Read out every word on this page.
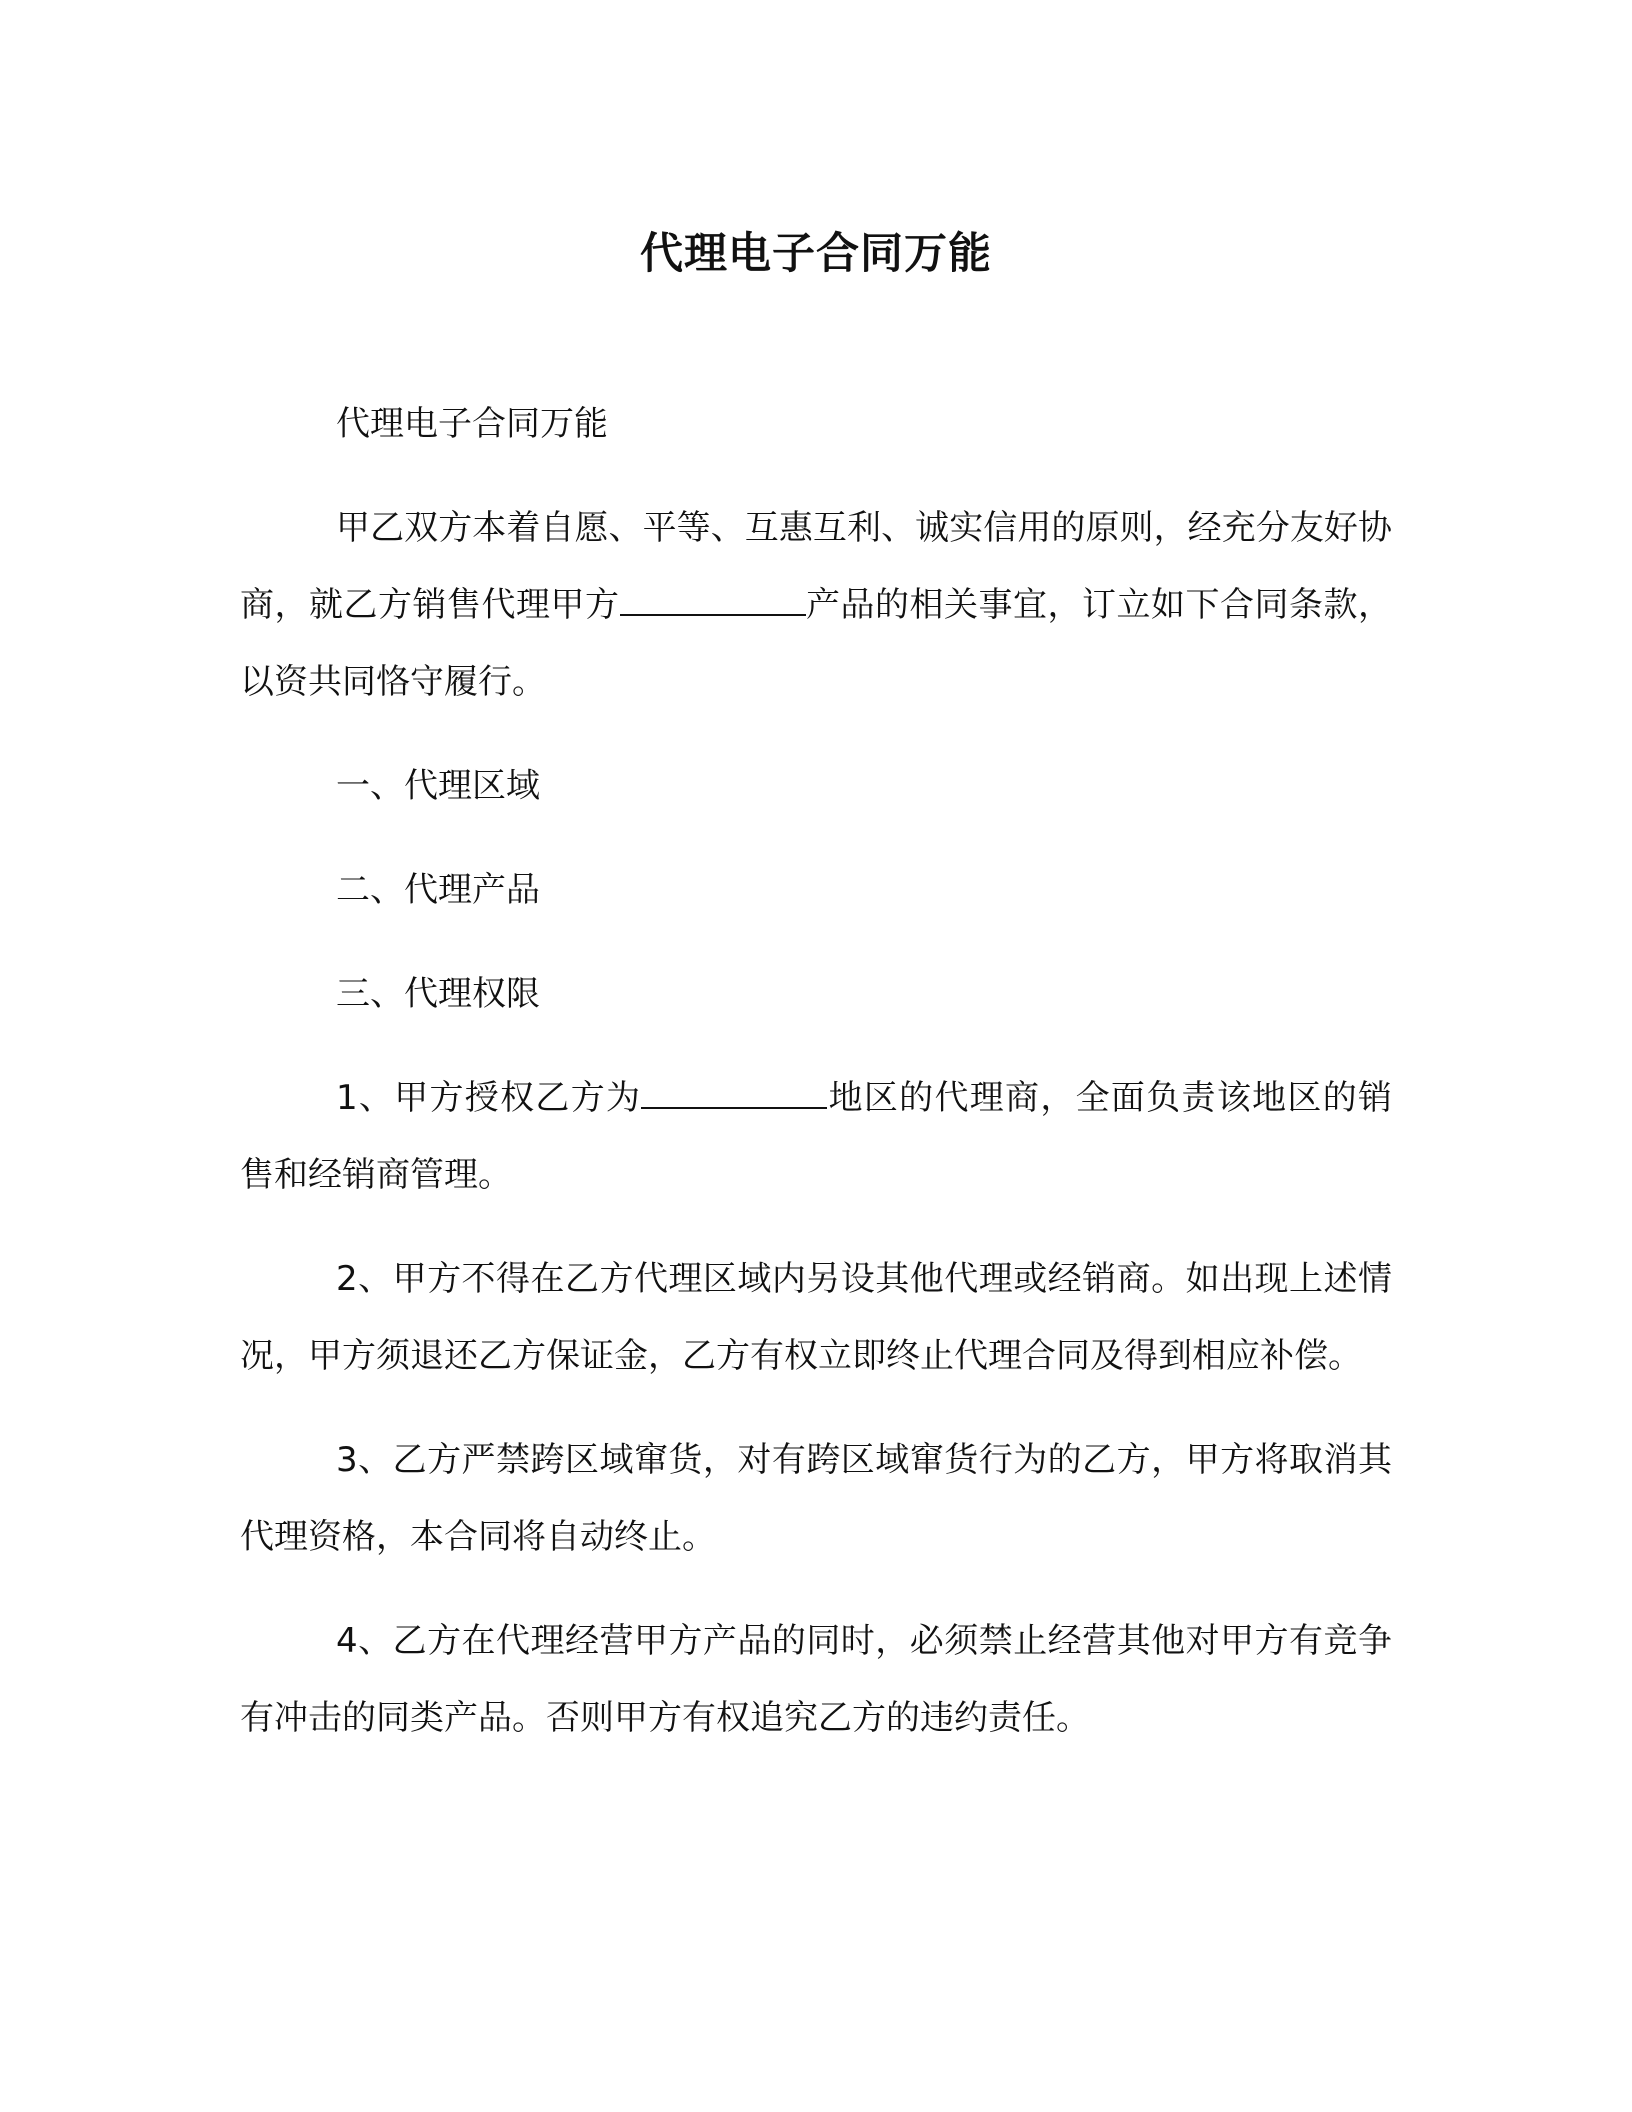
代理电子合同万能

代理电子合同万能

甲乙双方本着自愿、平等、互惠互利、诚实信用的原则，经充分友好协商，就乙方销售代理甲方	产品的相关事宜，订立如下合同条款，以资共同恪守履行。

一、代理区域

二、代理产品

三、代理权限

1、甲方授权乙方为	地区的代理商，全面负责该地区的销售和经销商管理。

2、甲方不得在乙方代理区域内另设其他代理或经销商。如出现上述情况，甲方须退还乙方保证金，乙方有权立即终止代理合同及得到相应补偿。

3、乙方严禁跨区域窜货，对有跨区域窜货行为的乙方，甲方将取消其代理资格，本合同将自动终止。

4、乙方在代理经营甲方产品的同时，必须禁止经营其他对甲方有竞争有冲击的同类产品。否则甲方有权追究乙方的违约责任。
